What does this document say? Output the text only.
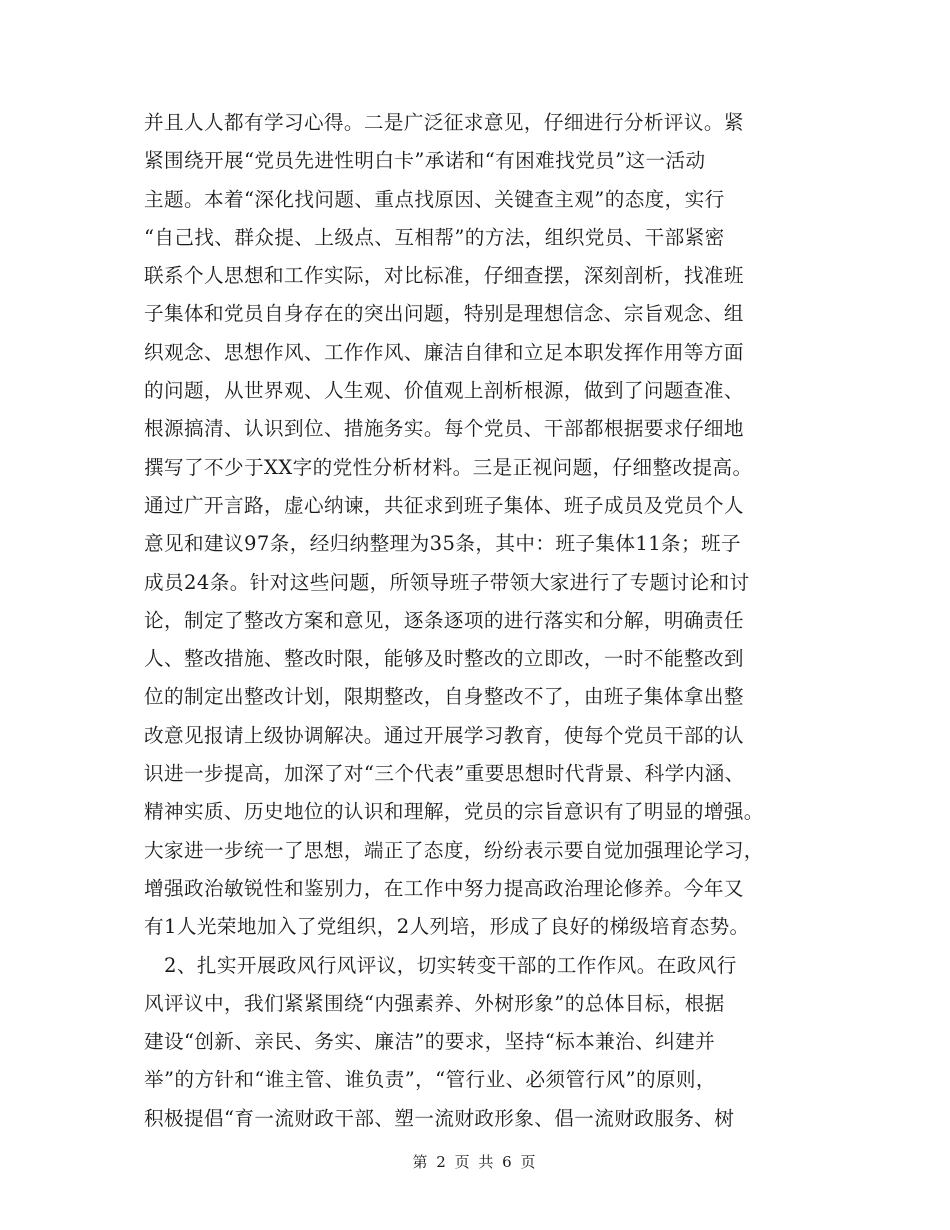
并且人人都有学习心得。二是广泛征求意见，仔细进行分析评议。紧
紧围绕开展“党员先进性明白卡”承诺和“有困难找党员”这一活动
主题。本着“深化找问题、重点找原因、关键查主观”的态度，实行
“自己找、群众提、上级点、互相帮”的方法，组织党员、干部紧密
联系个人思想和工作实际，对比标准，仔细查摆，深刻剖析，找准班
子集体和党员自身存在的突出问题，特别是理想信念、宗旨观念、组
织观念、思想作风、工作作风、廉洁自律和立足本职发挥作用等方面
的问题，从世界观、人生观、价值观上剖析根源，做到了问题查准、
根源搞清、认识到位、措施务实。每个党员、干部都根据要求仔细地
撰写了不少于XX字的党性分析材料。三是正视问题，仔细整改提高。
通过广开言路，虚心纳谏，共征求到班子集体、班子成员及党员个人
意见和建议97条，经归纳整理为35条，其中：班子集体11条；班子
成员24条。针对这些问题，所领导班子带领大家进行了专题讨论和讨
论，制定了整改方案和意见，逐条逐项的进行落实和分解，明确责任
人、整改措施、整改时限，能够及时整改的立即改，一时不能整改到
位的制定出整改计划，限期整改，自身整改不了，由班子集体拿出整
改意见报请上级协调解决。通过开展学习教育，使每个党员干部的认
识进一步提高，加深了对“三个代表”重要思想时代背景、科学内涵、
精神实质、历史地位的认识和理解，党员的宗旨意识有了明显的增强。
大家进一步统一了思想，端正了态度，纷纷表示要自觉加强理论学习，
增强政治敏锐性和鉴别力，在工作中努力提高政治理论修养。今年又
有1人光荣地加入了党组织，2人列培，形成了良好的梯级培育态势。
　2、扎实开展政风行风评议，切实转变干部的工作作风。在政风行
风评议中，我们紧紧围绕“内强素养、外树形象”的总体目标，根据
建设“创新、亲民、务实、廉洁”的要求，坚持“标本兼治、纠建并
举”的方针和“谁主管、谁负责”，“管行业、必须管行风”的原则，
积极提倡“育一流财政干部、塑一流财政形象、倡一流财政服务、树
第 2 页 共 6 页
